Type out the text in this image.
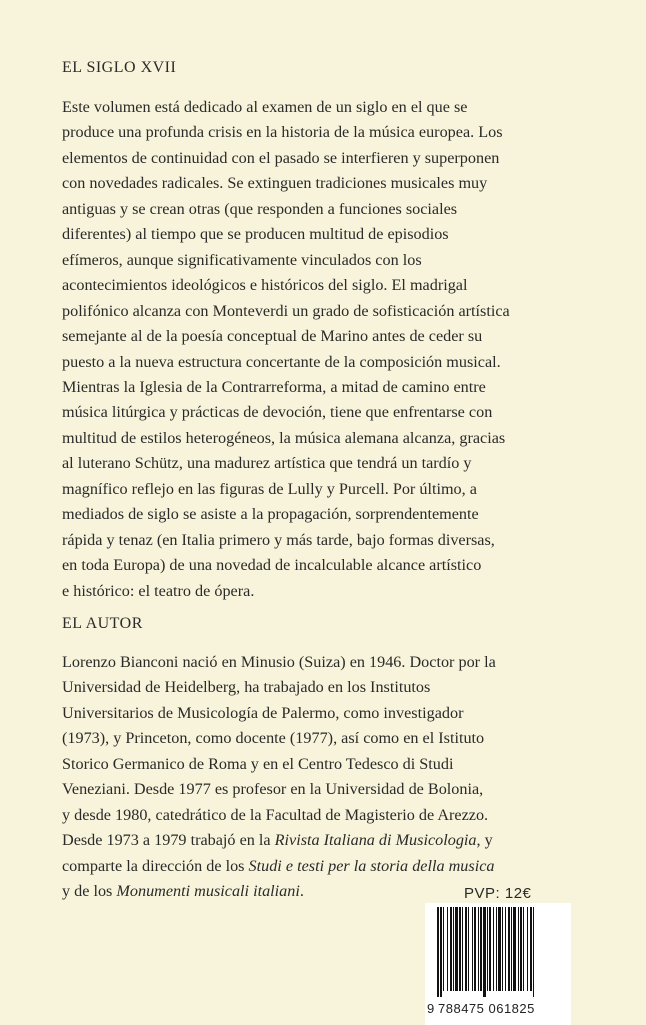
EL SIGLO XVII
Este volumen está dedicado al examen de un siglo en el que se
produce una profunda crisis en la historia de la música europea. Los
elementos de continuidad con el pasado se interfieren y superponen
con novedades radicales. Se extinguen tradiciones musicales muy
antiguas y se crean otras (que responden a funciones sociales
diferentes) al tiempo que se producen multitud de episodios
efímeros, aunque significativamente vinculados con los
acontecimientos ideológicos e históricos del siglo. El madrigal
polifónico alcanza con Monteverdi un grado de sofisticación artística
semejante al de la poesía conceptual de Marino antes de ceder su
puesto a la nueva estructura concertante de la composición musical.
Mientras la Iglesia de la Contrarreforma, a mitad de camino entre
música litúrgica y prácticas de devoción, tiene que enfrentarse con
multitud de estilos heterogéneos, la música alemana alcanza, gracias
al luterano Schütz, una madurez artística que tendrá un tardío y
magnífico reflejo en las figuras de Lully y Purcell. Por último, a
mediados de siglo se asiste a la propagación, sorprendentemente
rápida y tenaz (en Italia primero y más tarde, bajo formas diversas,
en toda Europa) de una novedad de incalculable alcance artístico
e histórico: el teatro de ópera.
EL AUTOR
Lorenzo Bianconi nació en Minusio (Suiza) en 1946. Doctor por la
Universidad de Heidelberg, ha trabajado en los Institutos
Universitarios de Musicología de Palermo, como investigador
(1973), y Princeton, como docente (1977), así como en el Istituto
Storico Germanico de Roma y en el Centro Tedesco di Studi
Veneziani. Desde 1977 es profesor en la Universidad de Bolonia,
y desde 1980, catedrático de la Facultad de Magisterio de Arezzo.
Desde 1973 a 1979 trabajó en la Rivista Italiana di Musicologia, y
comparte la dirección de los Studi e testi per la storia della musica
y de los Monumenti musicali italiani.	PVP: 12€
9 788475 061825
